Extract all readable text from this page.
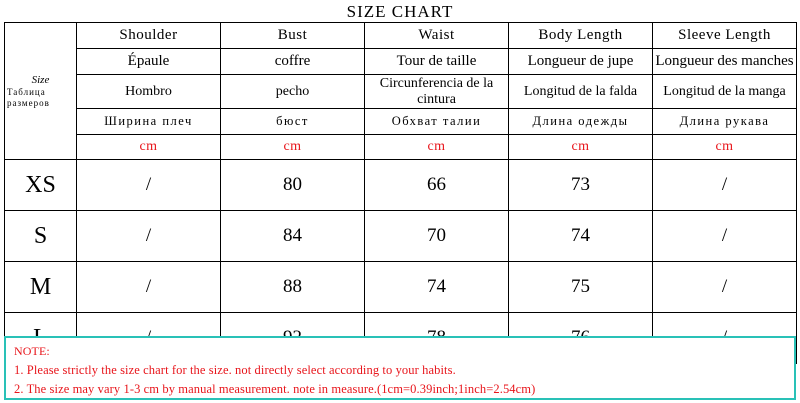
SIZE CHART
Size
Таблица размеров	Shoulder	Bust	Waist	Body Length	Sleeve Length
	Épaule	coffre	Tour de taille	Longueur de jupe	Longueur des manches
	Hombro	pecho	Circunferencia de la cintura	Longitud de la falda	Longitud de la manga
	Ширина плеч	бюст	Обхват талии	Длина одежды	Длина рукава
	cm	cm	cm	cm	cm
XS	/	80	66	73	/
S	/	84	70	74	/
M	/	88	74	75	/

NOTE:
1. Please strictly the size chart for the size. not directly select according to your habits.
2. The size may vary 1-3 cm by manual measurement. note in measure.(1cm=0.39inch;1inch=2.54cm)
